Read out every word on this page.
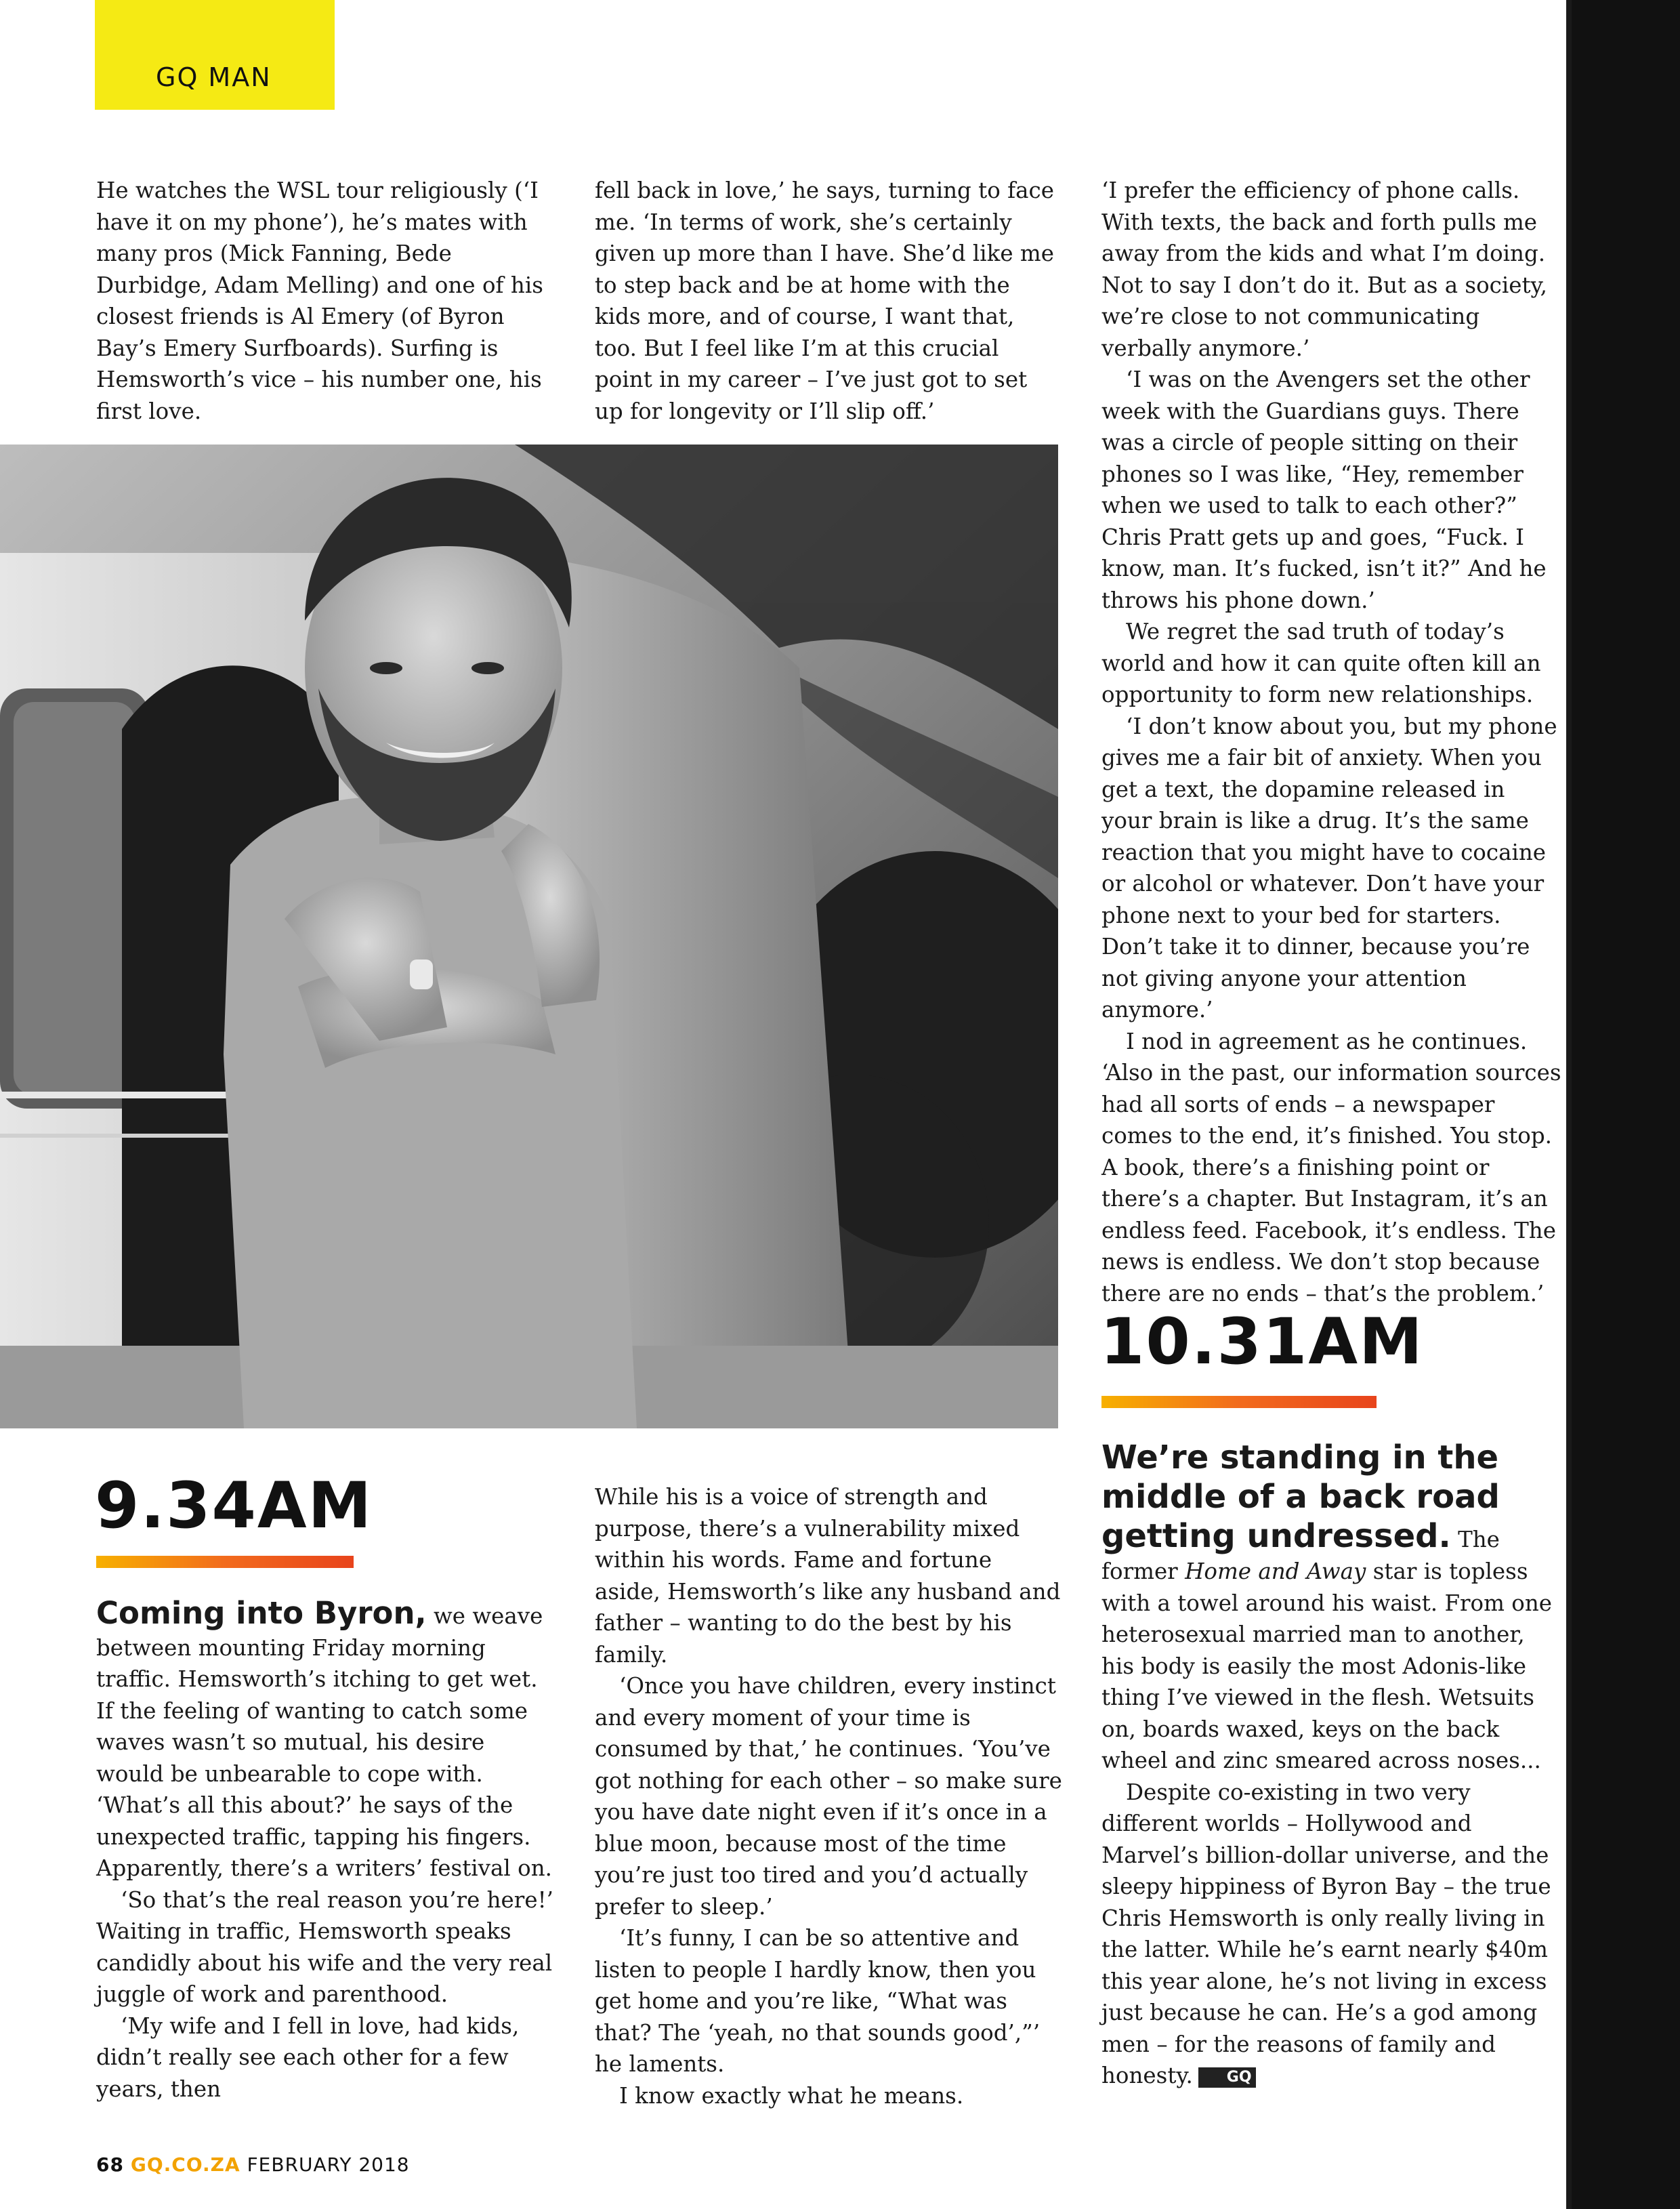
GQ MAN

He watches the WSL tour religiously (‘I have it on my phone’), he’s mates with many pros (Mick Fanning, Bede Durbidge, Adam Melling) and one of his closest friends is Al Emery (of Byron Bay’s Emery Surfboards). Surfing is Hemsworth’s vice – his number one, his first love.

fell back in love,’ he says, turning to face me. ‘In terms of work, she’s certainly given up more than I have. She’d like me to step back and be at home with the kids more, and of course, I want that, too. But I feel like I’m at this crucial point in my career – I’ve just got to set up for longevity or I’ll slip off.’

‘I prefer the efficiency of phone calls. With texts, the back and forth pulls me away from the kids and what I’m doing. Not to say I don’t do it. But as a society, we’re close to not communicating verbally anymore.’

‘I was on the Avengers set the other week with the Guardians guys. There was a circle of people sitting on their phones so I was like, “Hey, remember when we used to talk to each other?” Chris Pratt gets up and goes, “Fuck. I know, man. It’s fucked, isn’t it?” And he throws his phone down.’

We regret the sad truth of today’s world and how it can quite often kill an opportunity to form new relationships.

‘I don’t know about you, but my phone gives me a fair bit of anxiety. When you get a text, the dopamine released in your brain is like a drug. It’s the same reaction that you might have to cocaine or alcohol or whatever. Don’t have your phone next to your bed for starters. Don’t take it to dinner, because you’re not giving anyone your attention anymore.’

I nod in agreement as he continues. ‘Also in the past, our information sources had all sorts of ends – a newspaper comes to the end, it’s finished. You stop. A book, there’s a finishing point or there’s a chapter. But Instagram, it’s an endless feed. Facebook, it’s endless. The news is endless. We don’t stop because there are no ends – that’s the problem.’

9.34AM

Coming into Byron, we weave between mounting Friday morning traffic. Hemsworth’s itching to get wet. If the feeling of wanting to catch some waves wasn’t so mutual, his desire would be unbearable to cope with. ‘What’s all this about?’ he says of the unexpected traffic, tapping his fingers. Apparently, there’s a writers’ festival on.

‘So that’s the real reason you’re here!’ Waiting in traffic, Hemsworth speaks candidly about his wife and the very real juggle of work and parenthood.

‘My wife and I fell in love, had kids, didn’t really see each other for a few years, then

While his is a voice of strength and purpose, there’s a vulnerability mixed within his words. Fame and fortune aside, Hemsworth’s like any husband and father – wanting to do the best by his family.

‘Once you have children, every instinct and every moment of your time is consumed by that,’ he continues. ‘You’ve got nothing for each other – so make sure you have date night even if it’s once in a blue moon, because most of the time you’re just too tired and you’d actually prefer to sleep.’

‘It’s funny, I can be so attentive and listen to people I hardly know, then you get home and you’re like, “What was that? The ‘yeah, no that sounds good’,”’ he laments.

I know exactly what he means.

10.31AM

We’re standing in the middle of a back road getting undressed. The former Home and Away star is topless with a towel around his waist. From one heterosexual married man to another, his body is easily the most Adonis-like thing I’ve viewed in the flesh. Wetsuits on, boards waxed, keys on the back wheel and zinc smeared across noses...

Despite co-existing in two very different worlds – Hollywood and Marvel’s billion-dollar universe, and the sleepy hippiness of Byron Bay – the true Chris Hemsworth is only really living in the latter. While he’s earnt nearly $40m this year alone, he’s not living in excess just because he can. He’s a god among men – for the reasons of family and honesty. GQ

68 GQ.CO.ZA FEBRUARY 2018
